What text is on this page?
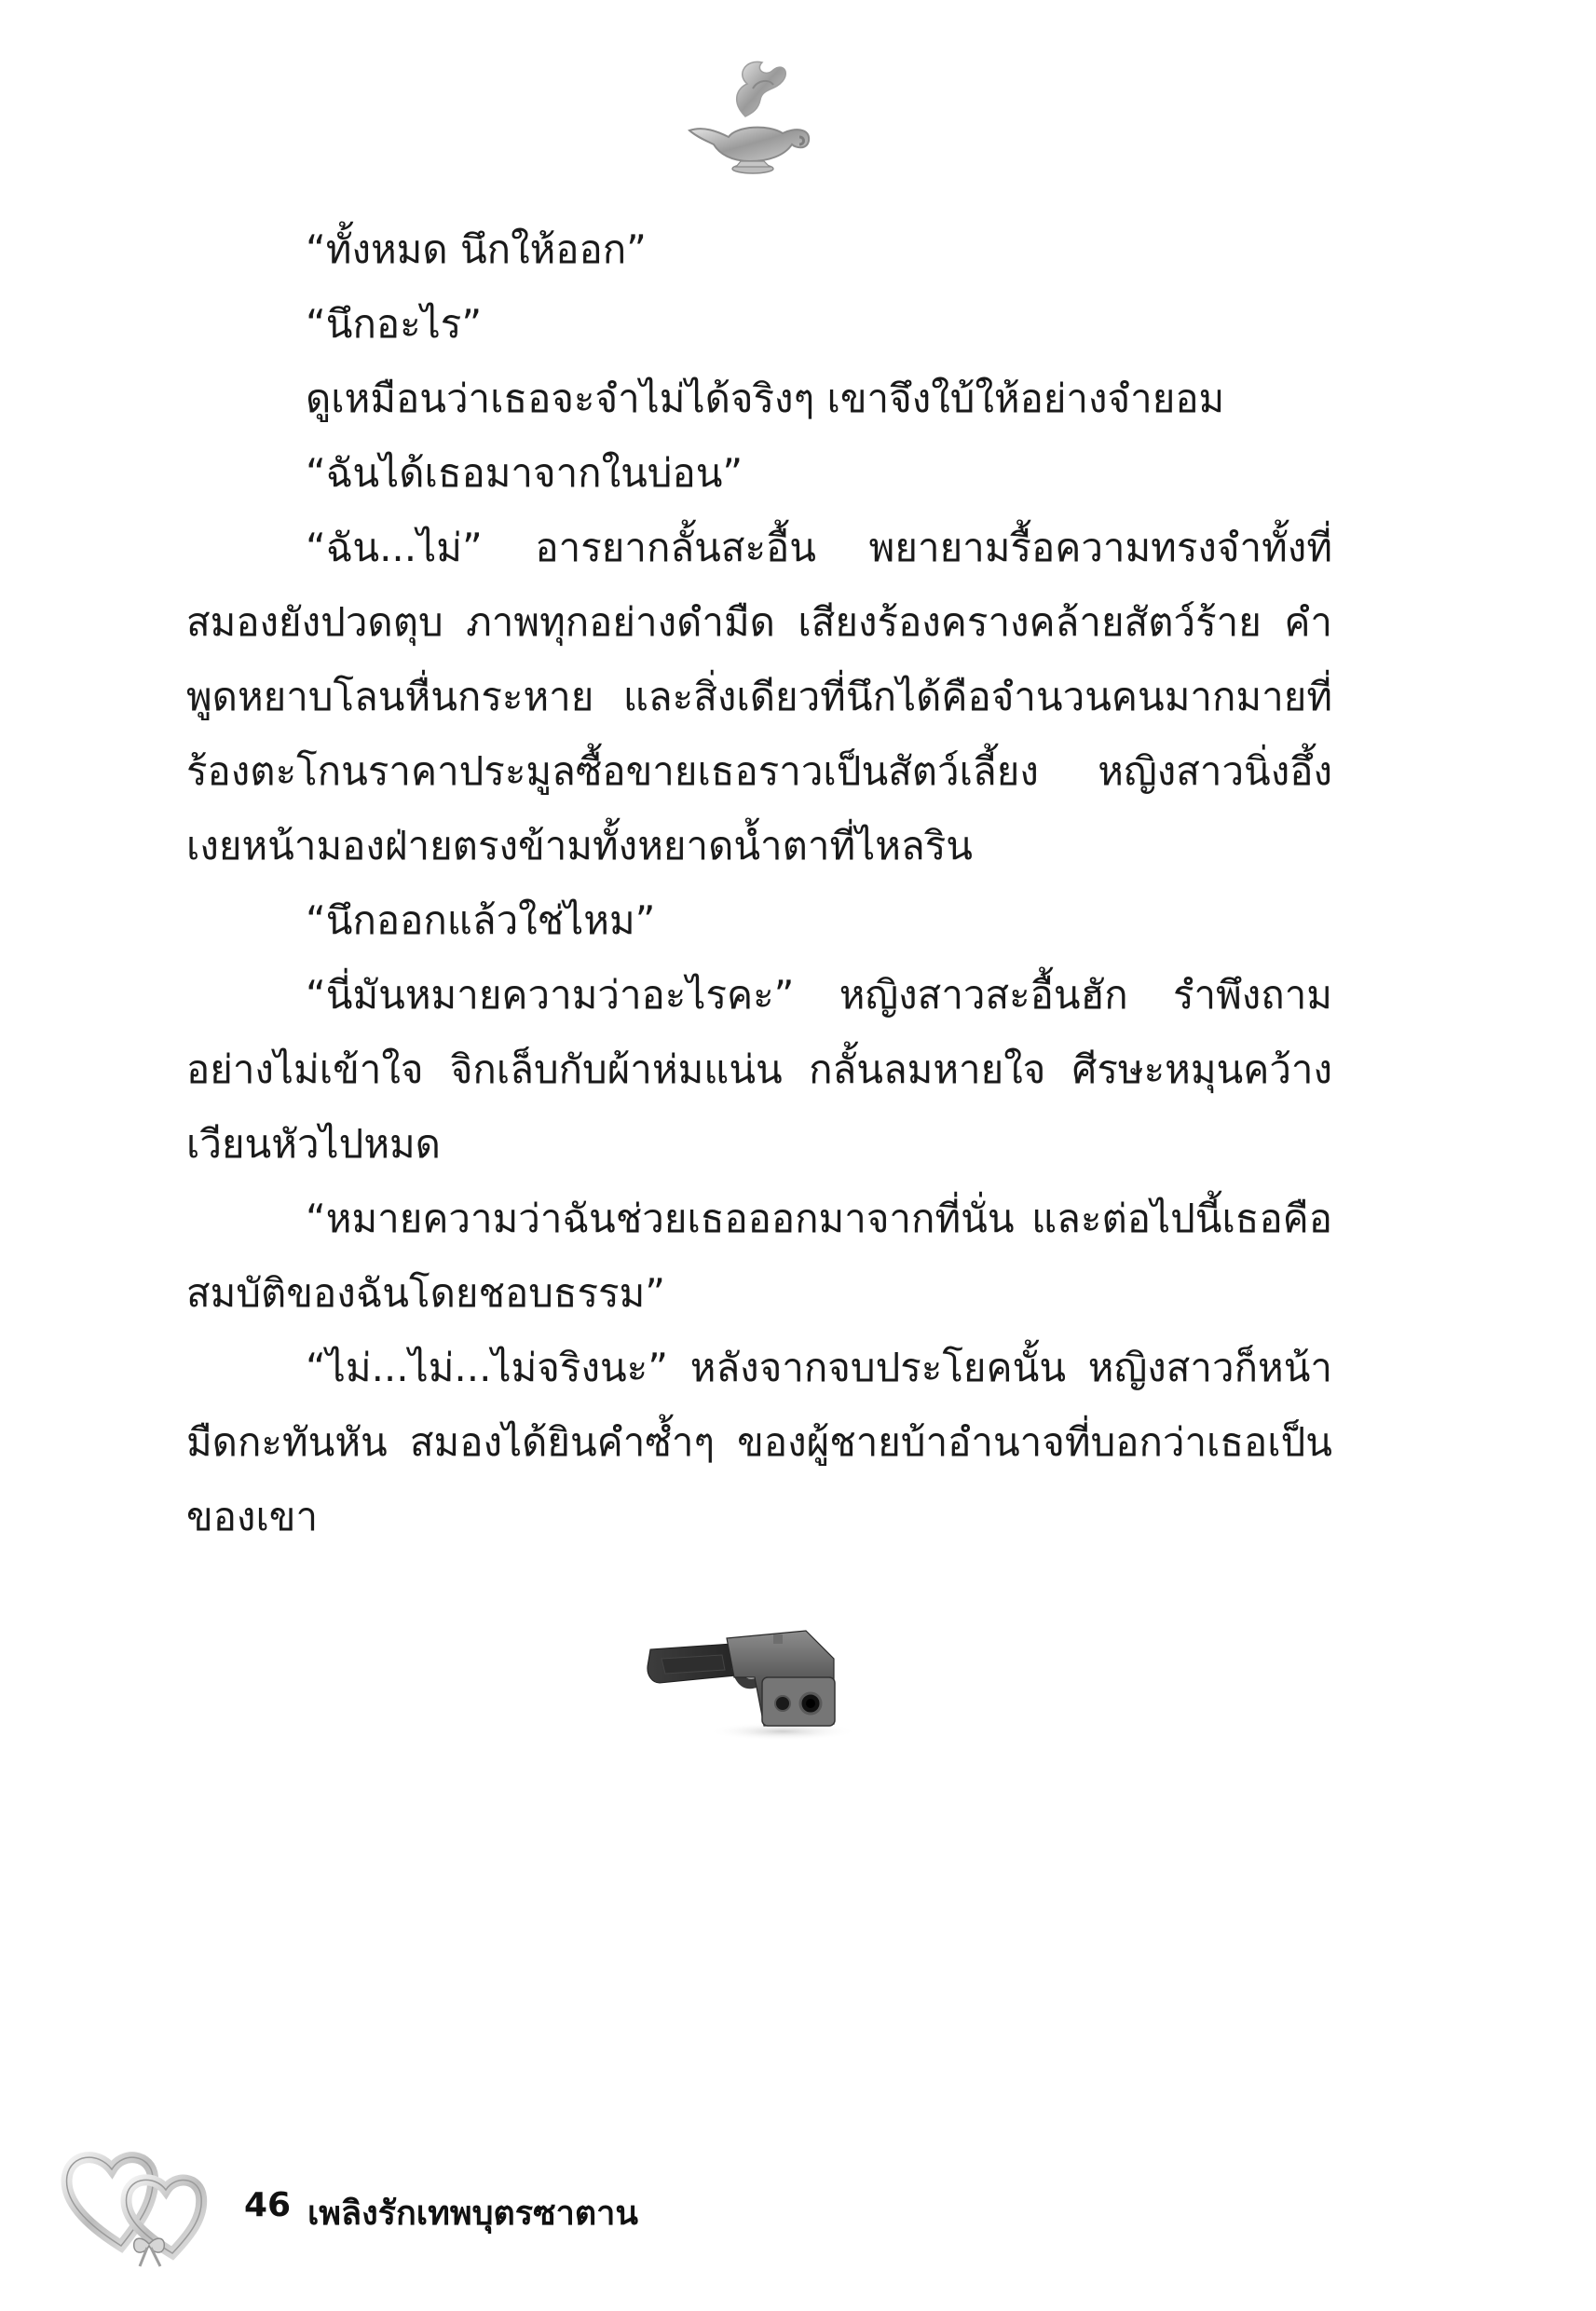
“ทั้งหมด นึกให้ออก”

“นึกอะไร”

ดูเหมือนว่าเธอจะจำไม่ได้จริงๆ เขาจึงใบ้ให้อย่างจำยอม

“ฉันได้เธอมาจากในบ่อน”

“ฉัน...ไม่” อารยากลั้นสะอื้น พยายามรื้อความทรงจำทั้งที่สมองยังปวดตุบ ภาพทุกอย่างดำมืด เสียงร้องครางคล้ายสัตว์ร้าย คำพูดหยาบโลนหื่นกระหาย และสิ่งเดียวที่นึกได้คือจำนวนคนมากมายที่ร้องตะโกนราคาประมูลซื้อขายเธอราวเป็นสัตว์เลี้ยง หญิงสาวนิ่งอึ้งเงยหน้ามองฝ่ายตรงข้ามทั้งหยาดน้ำตาที่ไหลริน

“นึกออกแล้วใช่ไหม”

“นี่มันหมายความว่าอะไรคะ” หญิงสาวสะอื้นฮัก รำพึงถามอย่างไม่เข้าใจ จิกเล็บกับผ้าห่มแน่น กลั้นลมหายใจ ศีรษะหมุนคว้างเวียนหัวไปหมด

“หมายความว่าฉันช่วยเธอออกมาจากที่นั่น และต่อไปนี้เธอคือสมบัติของฉันโดยชอบธรรม”

“ไม่...ไม่...ไม่จริงนะ” หลังจากจบประโยคนั้น หญิงสาวก็หน้ามืดกะทันหัน สมองได้ยินคำซ้ำๆ ของผู้ชายบ้าอำนาจที่บอกว่าเธอเป็นของเขา

46 เพลิงรักเทพบุตรซาตาน
